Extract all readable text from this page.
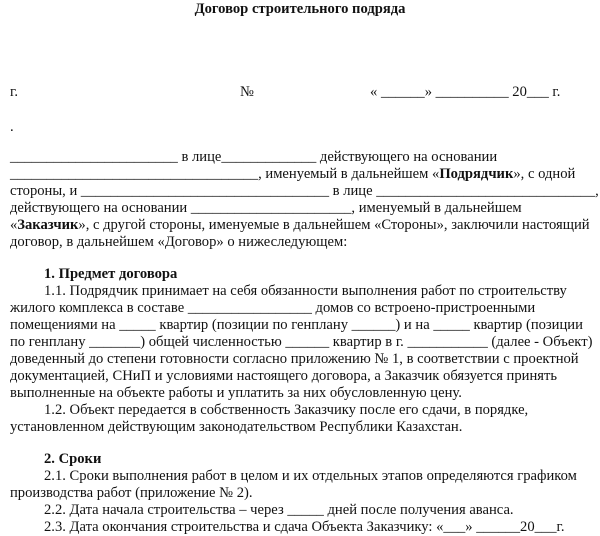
Договор строительного подряда
г.	№	« ______» __________ 20___ г.
.
_______________________ в лице_____________ действующего на основании
__________________________________, именуемый в дальнейшем «Подрядчик», с одной
стороны, и __________________________________ в лице ______________________________,
действующего на основании ______________________, именуемый в дальнейшем
«Заказчик», с другой стороны, именуемые в дальнейшем «Стороны», заключили настоящий
договор, в дальнейшем «Договор» о нижеследующем:
1. Предмет договора
1.1. Подрядчик принимает на себя обязанности выполнения работ по строительству
жилого комплекса в составе _________________ домов со встроено-пристроенными
помещениями на _____ квартир (позиции по генплану ______) и на _____ квартир (позиции
по генплану _______) общей численностью ______ квартир в г. ___________ (далее - Объект)
доведенный до степени готовности согласно приложению № 1, в соответствии с проектной
документацией, СНиП и условиями настоящего договора, а Заказчик обязуется принять
выполненные на объекте работы и уплатить за них обусловленную цену.
1.2. Объект передается в собственность Заказчику после его сдачи, в порядке,
установленном действующим законодательством Республики Казахстан.
2. Сроки
2.1. Сроки выполнения работ в целом и их отдельных этапов определяются графиком
производства работ (приложение № 2).
2.2. Дата начала строительства – через _____ дней после получения аванса.
2.3. Дата окончания строительства и сдача Объекта Заказчику: «___» ______20___г.
